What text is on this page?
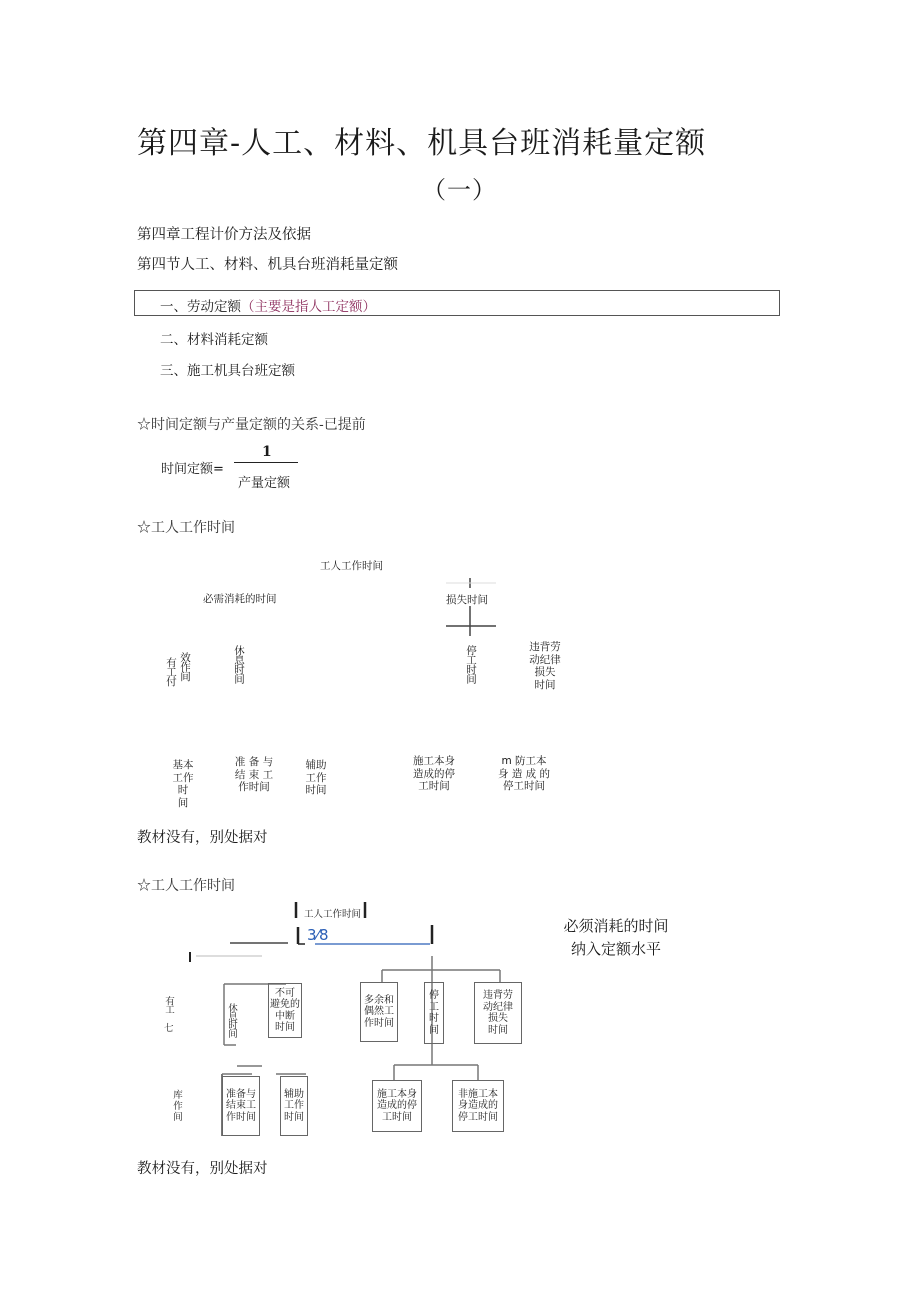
第四章-人工、材料、机具台班消耗量定额
（一）
第四章工程计价方法及依据
第四节人工、材料、机具台班消耗量定额
一、劳动定额（主要是指人工定额）
二、材料消耗定额
三、施工机具台班定额
☆时间定额与产量定额的关系-已提前
时间定额=
1
产量定额
☆工人工作时间
工人工作时间
必需消耗的时间	损失时间
有工付 效作间	休息时间	停工时间	违背劳
动纪律
损失
时间
基本
工作
时
间
准 备 与
结 束 工
作时间
辅助
工作
时间
施工本身
造成的停
工时间
m 防工本
身 造 成 的
停工时间
教材没有，别处据对
☆工人工作时间
工人工作时间
3⁄8	必须消耗的时间
纳入定额水平
有工
七	休息时间
不可
避免的
中断
时间
多余和
偶然工
作时间
停
工
时
间
违背劳
动纪律
损失
时间
库
作
间
准备与
结束工
作时间
辅助
工作
时间
施工本身
造成的停
工时间
非施工本
身造成的
停工时间
教材没有，别处据对
